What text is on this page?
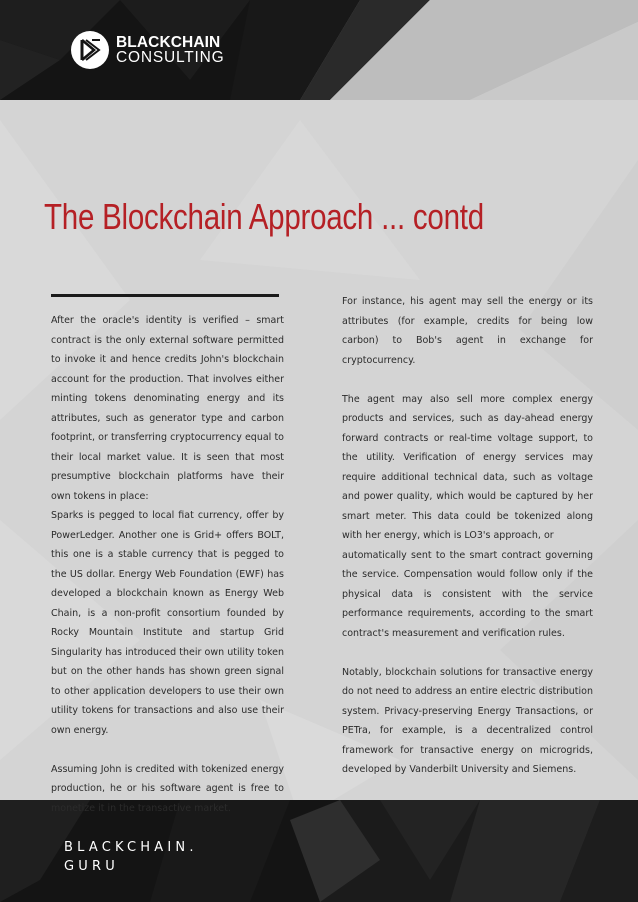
BLACKCHAIN
CONSULTING
The Blockchain Approach ... contd

After the oracle's identity is verified – smart contract is the only external software permitted to invoke it and hence credits John's blockchain account for the production. That involves either minting tokens denominating energy and its attributes, such as generator type and carbon footprint, or transferring cryptocurrency equal to their local market value. It is seen that most presumptive blockchain platforms have their own tokens in place:

Sparks is pegged to local fiat currency, offer by PowerLedger. Another one is Grid+ offers BOLT, this one is a stable currency that is pegged to the US dollar. Energy Web Foundation (EWF) has developed a blockchain known as Energy Web Chain, is a non-profit consortium founded by Rocky Mountain Institute and startup Grid Singularity has introduced their own utility token but on the other hands has shown green signal to other application developers to use their own utility tokens for transactions and also use their own energy.

Assuming John is credited with tokenized energy production, he or his software agent is free to monetize it in the transactive market.

For instance, his agent may sell the energy or its attributes (for example, credits for being low carbon) to Bob's agent in exchange for cryptocurrency.

The agent may also sell more complex energy products and services, such as day-ahead energy forward contracts or real-time voltage support, to the utility. Verification of energy services may require additional technical data, such as voltage and power quality, which would be captured by her smart meter. This data could be tokenized along with her energy, which is LO3's approach, or

automatically sent to the smart contract governing the service. Compensation would follow only if the physical data is consistent with the service performance requirements, according to the smart contract's measurement and verification rules.

Notably, blockchain solutions for transactive energy do not need to address an entire electric distribution system. Privacy-preserving Energy Transactions, or PETra, for example, is a decentralized control framework for transactive energy on microgrids, developed by Vanderbilt University and Siemens.

BLACKCHAIN.
GURU
